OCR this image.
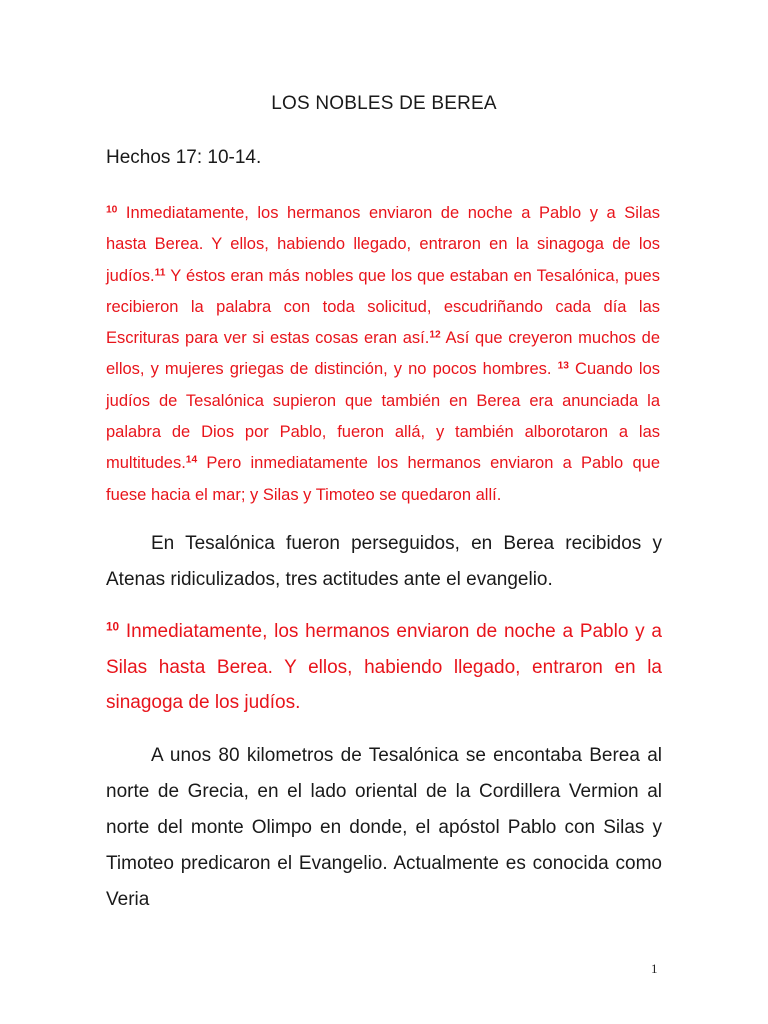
LOS NOBLES DE BEREA
Hechos 17: 10-14.
$^{10}$ Inmediatamente, los hermanos enviaron de noche a Pablo y a Silas hasta Berea. Y ellos, habiendo llegado, entraron en la sinagoga de los judíos.$^{11}$ Y éstos eran más nobles que los que estaban en Tesalónica, pues recibieron la palabra con toda solicitud, escudriñando cada día las Escrituras para ver si estas cosas eran así.$^{12}$ Así que creyeron muchos de ellos, y mujeres griegas de distinción, y no pocos hombres. $^{13}$ Cuando los judíos de Tesalónica supieron que también en Berea era anunciada la palabra de Dios por Pablo, fueron allá, y también alborotaron a las multitudes.$^{14}$ Pero inmediatamente los hermanos enviaron a Pablo que fuese hacia el mar; y Silas y Timoteo se quedaron allí.
En Tesalónica fueron perseguidos, en Berea recibidos y Atenas ridiculizados, tres actitudes ante el evangelio.
$^{10}$ Inmediatamente, los hermanos enviaron de noche a Pablo y a Silas hasta Berea. Y ellos, habiendo llegado, entraron en la sinagoga de los judíos.
A unos 80 kilometros de Tesalónica se encontaba Berea al norte de Grecia, en el lado oriental de la Cordillera Vermion al norte del monte Olimpo en donde, el apóstol Pablo con Silas y Timoteo predicaron el Evangelio. Actualmente es conocida como Veria
1
